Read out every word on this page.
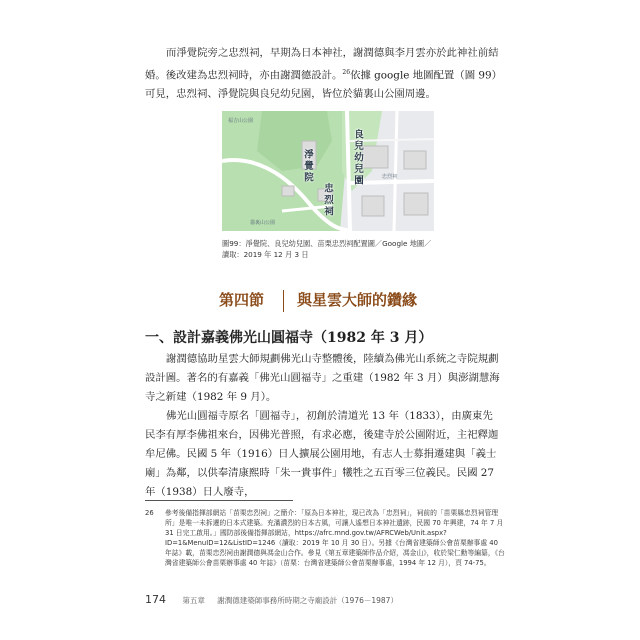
而淨覺院旁之忠烈祠，早期為日本神社，謝潤德與李月雲亦於此神社前結婚。後改建為忠烈祠時，亦由謝潤德設計。$^{26}$依據 google 地圖配置（圖 99）可見，忠烈祠、淨覺院與良兒幼兒園，皆位於貓裏山公園周邊。

淨覺院	良兒幼兒園
忠烈祠
福吉山公園
貓裏山公園
忠烈祠
圖99：淨覺院、良兒幼兒園、苗栗忠烈祠配置圖／Google 地圖／讀取：2019 年 12 月 3 日
第四節 與星雲大師的鑽緣
一、設計嘉義佛光山圓福寺（1982 年 3 月）

謝潤德協助星雲大師規劃佛光山寺整體後，陸續為佛光山系統之寺院規劃設計圖。著名的有嘉義「佛光山圓福寺」之重建（1982 年 3 月）與澎湖慧海寺之新建（1982 年 9 月）。

佛光山圓福寺原名「圓福寺」，初創於清道光 13 年（1833），由廣東先民李有厚李佛祖來台，因佛光普照，有求必應，後建寺於公園附近，主祀釋迦牟尼佛。民國 5 年（1916）日人擴展公園用地，有志人士募捐遷建與「義士廟」為鄰，以供奉清康熙時「朱一貴事件」犧牲之五百零三位義民。民國 27 年（1938）日人廢寺，

26 參考後備指揮部網站「苗栗忠烈祠」之簡介：「原為日本神社，現已改為「忠烈祠」，祠前的「苗栗縣忠烈祠管理所」是唯一未拆遷的日本式建築。充滿濃烈的日本古風，可讓人遙想日本神社遺跡，民國 70 年興建，74 年 7 月 31 日完工啟用。」國防部後備指揮部網站，https://afrc.mnd.gov.tw/AFRCWeb/Unit.aspx?ID=1&MenuID=12&ListID=1246（讀取：2019 年 10 月 30 日）。另據《台灣省建築師公會苗栗辦事處 40 年誌》載，苗栗忠烈祠由謝潤德與馮金山合作。參見《第五章建築師作品介紹，馮金山》，收於梁仁勳等編纂，《台灣省建築師公會苗栗辦事處 40 年誌》（苗栗：台灣省建築師公會苗栗辦事處，1994 年 12 月），頁 74-75。
174 第五章 謝潤德建築師事務所時期之寺廟設計（1976－1987）
